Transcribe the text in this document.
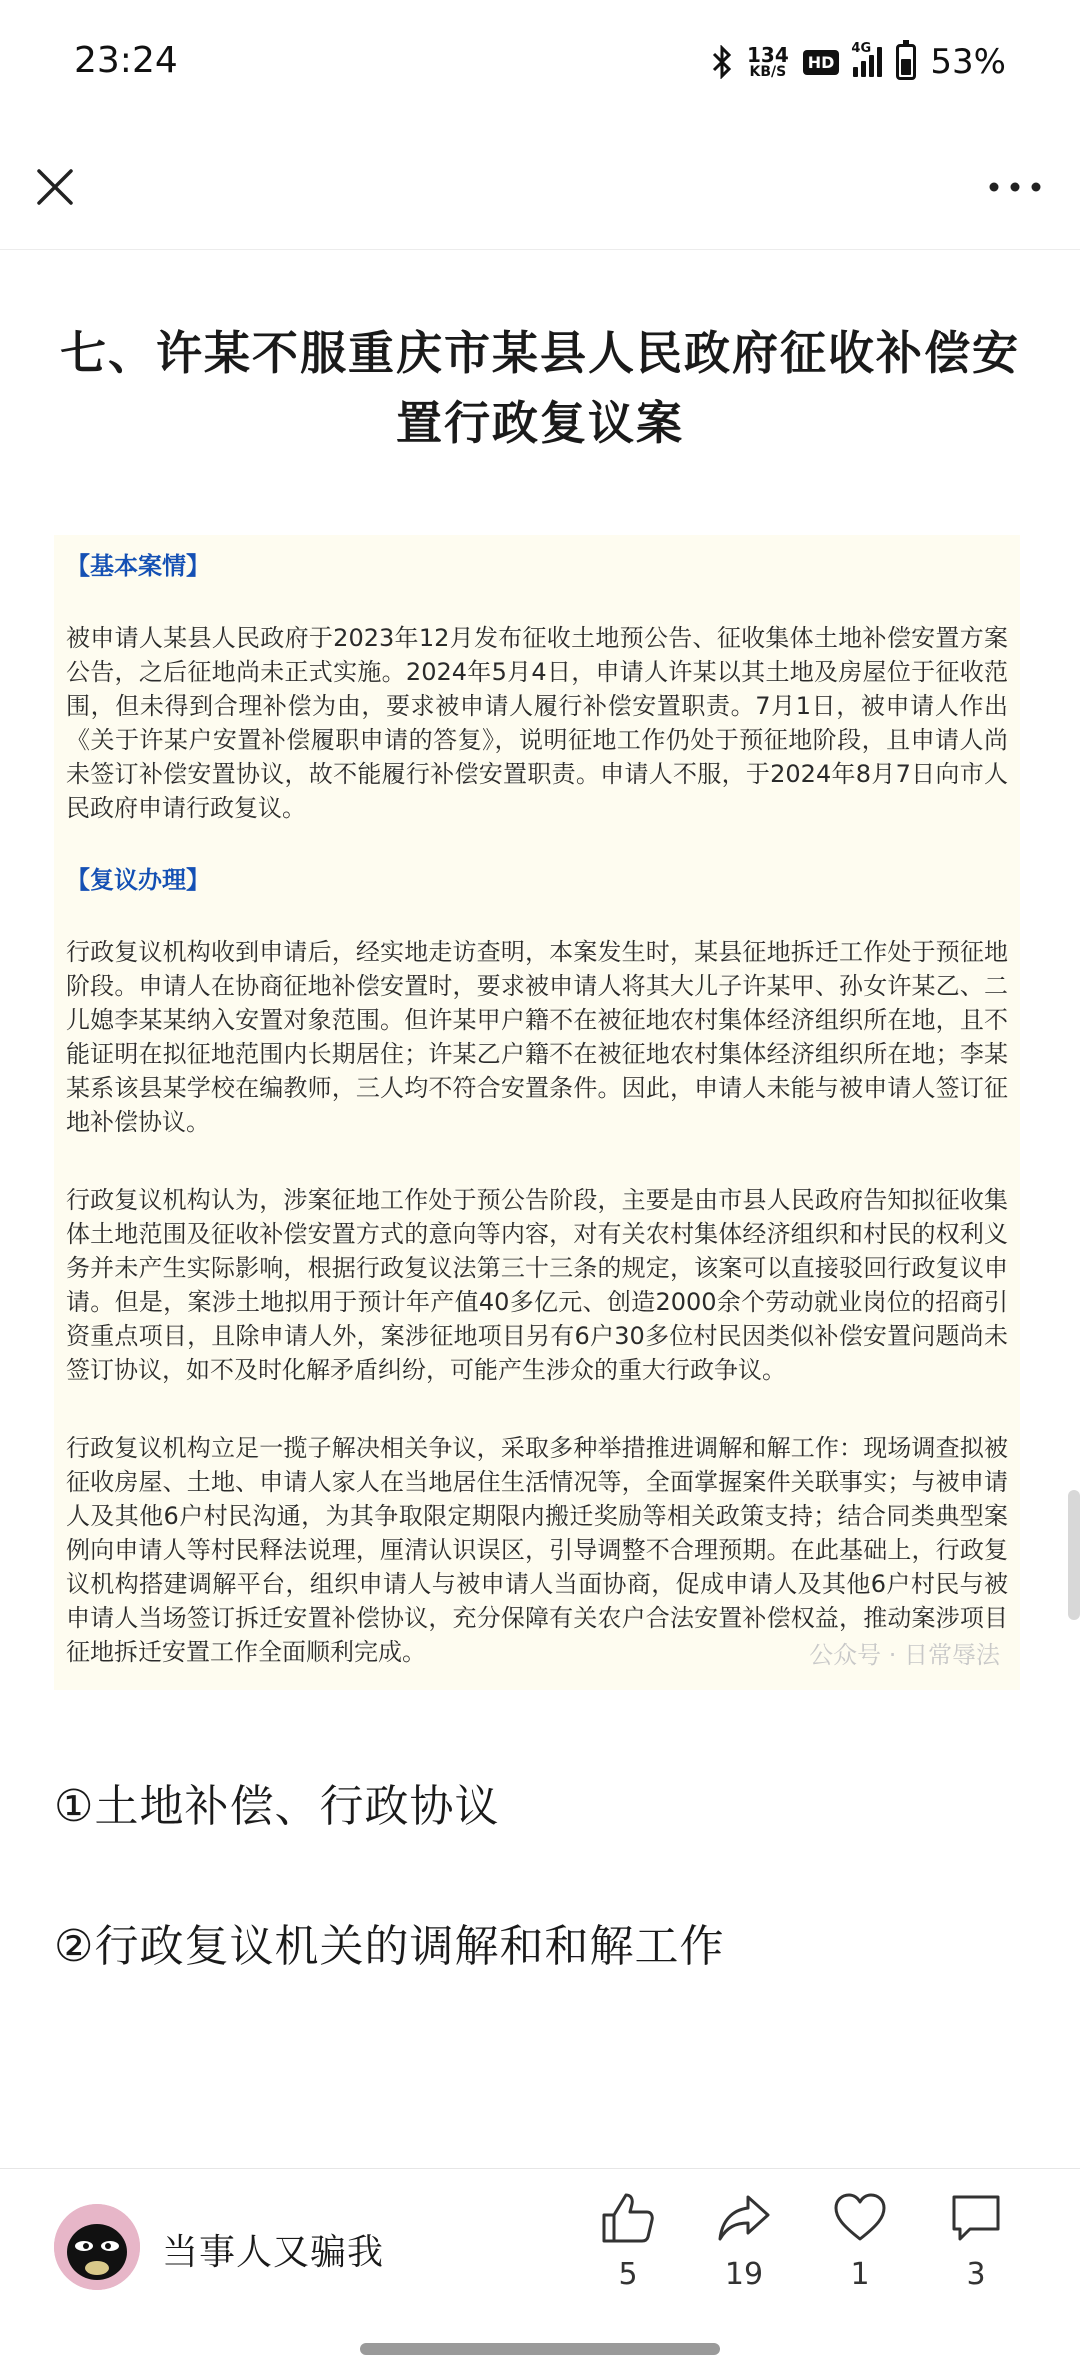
23:24	134
KB/S
HD
4G 53%
七、许某不服重庆市某县人民政府征收补偿安置行政复议案
【基本案情】

被申请人某县人民政府于2023年12月发布征收土地预公告、征收集体土地补偿安置方案公告，之后征地尚未正式实施。2024年5月4日，申请人许某以其土地及房屋位于征收范围，但未得到合理补偿为由，要求被申请人履行补偿安置职责。7月1日，被申请人作出《关于许某户安置补偿履职申请的答复》，说明征地工作仍处于预征地阶段，且申请人尚未签订补偿安置协议，故不能履行补偿安置职责。申请人不服，于2024年8月7日向市人民政府申请行政复议。

【复议办理】

行政复议机构收到申请后，经实地走访查明，本案发生时，某县征地拆迁工作处于预征地阶段。申请人在协商征地补偿安置时，要求被申请人将其大儿子许某甲、孙女许某乙、二儿媳李某某纳入安置对象范围。但许某甲户籍不在被征地农村集体经济组织所在地，且不能证明在拟征地范围内长期居住；许某乙户籍不在被征地农村集体经济组织所在地；李某某系该县某学校在编教师，三人均不符合安置条件。因此，申请人未能与被申请人签订征地补偿协议。

行政复议机构认为，涉案征地工作处于预公告阶段，主要是由市县人民政府告知拟征收集体土地范围及征收补偿安置方式的意向等内容，对有关农村集体经济组织和村民的权利义务并未产生实际影响，根据行政复议法第三十三条的规定，该案可以直接驳回行政复议申请。但是，案涉土地拟用于预计年产值40多亿元、创造2000余个劳动就业岗位的招商引资重点项目，且除申请人外，案涉征地项目另有6户30多位村民因类似补偿安置问题尚未签订协议，如不及时化解矛盾纠纷，可能产生涉众的重大行政争议。

行政复议机构立足一揽子解决相关争议，采取多种举措推进调解和解工作：现场调查拟被征收房屋、土地、申请人家人在当地居住生活情况等，全面掌握案件关联事实；与被申请人及其他6户村民沟通，为其争取限定期限内搬迁奖励等相关政策支持；结合同类典型案例向申请人等村民释法说理，厘清认识误区，引导调整不合理预期。在此基础上，行政复议机构搭建调解平台，组织申请人与被申请人当面协商，促成申请人及其他6户村民与被申请人当场签订拆迁安置补偿协议，充分保障有关农户合法安置补偿权益，推动案涉项目征地拆迁安置工作全面顺利完成。	公众号 · 日常辱法
①土地补偿、行政协议
②行政复议机关的调解和和解工作
当事人又骗我
5	19	1	3
